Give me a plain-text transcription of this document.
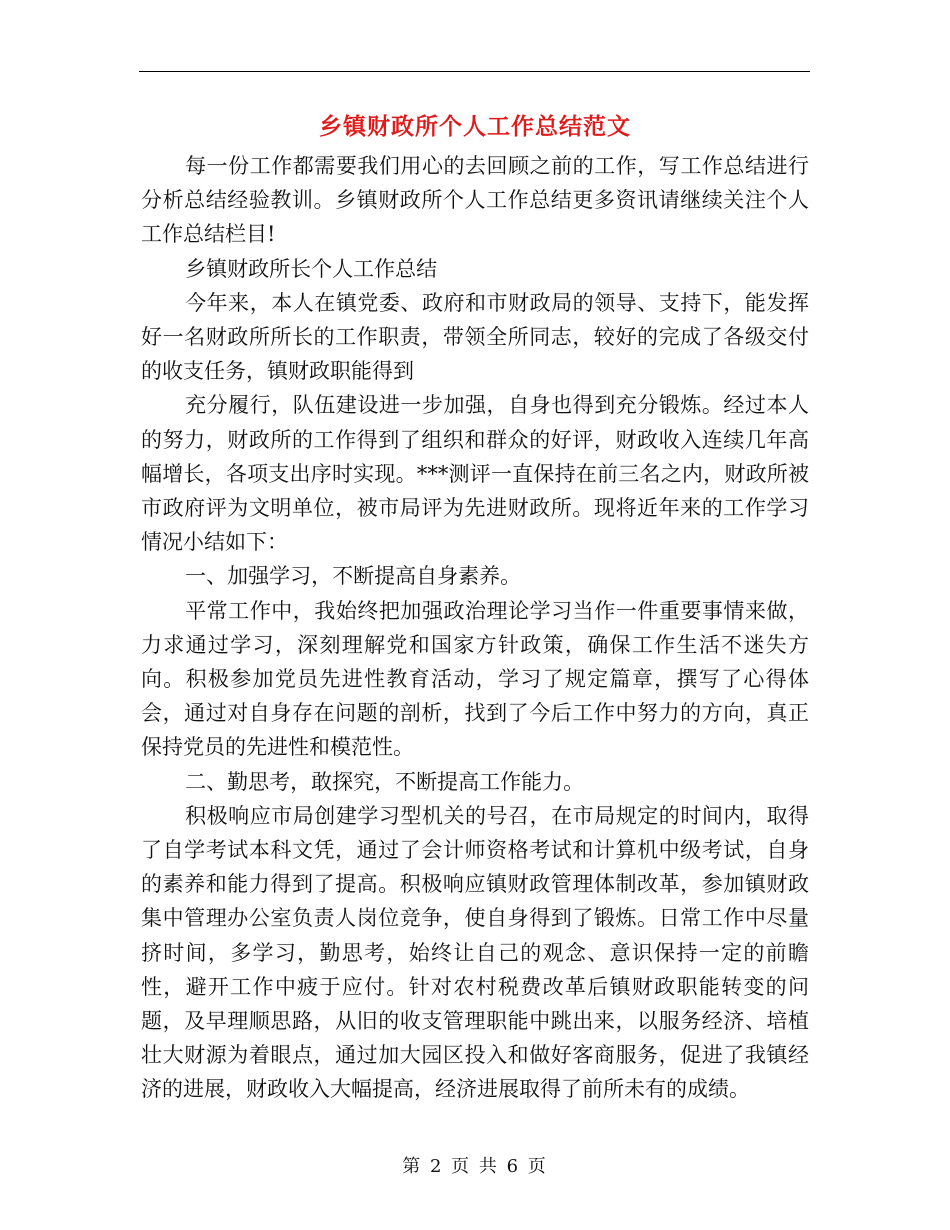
乡镇财政所个人工作总结范文

每一份工作都需要我们用心的去回顾之前的工作，写工作总结进行分析总结经验教训。乡镇财政所个人工作总结更多资讯请继续关注个人工作总结栏目!

乡镇财政所长个人工作总结

今年来，本人在镇党委、政府和市财政局的领导、支持下，能发挥好一名财政所所长的工作职责，带领全所同志，较好的完成了各级交付的收支任务，镇财政职能得到

充分履行，队伍建设进一步加强，自身也得到充分锻炼。经过本人的努力，财政所的工作得到了组织和群众的好评，财政收入连续几年高幅增长，各项支出序时实现。***测评一直保持在前三名之内，财政所被市政府评为文明单位，被市局评为先进财政所。现将近年来的工作学习情况小结如下：

一、加强学习，不断提高自身素养。

平常工作中，我始终把加强政治理论学习当作一件重要事情来做，力求通过学习，深刻理解党和国家方针政策，确保工作生活不迷失方向。积极参加党员先进性教育活动，学习了规定篇章，撰写了心得体会，通过对自身存在问题的剖析，找到了今后工作中努力的方向，真正保持党员的先进性和模范性。

二、勤思考，敢探究，不断提高工作能力。

积极响应市局创建学习型机关的号召，在市局规定的时间内，取得了自学考试本科文凭，通过了会计师资格考试和计算机中级考试，自身的素养和能力得到了提高。积极响应镇财政管理体制改革，参加镇财政集中管理办公室负责人岗位竞争，使自身得到了锻炼。日常工作中尽量挤时间，多学习，勤思考，始终让自己的观念、意识保持一定的前瞻性，避开工作中疲于应付。针对农村税费改革后镇财政职能转变的问题，及早理顺思路，从旧的收支管理职能中跳出来，以服务经济、培植壮大财源为着眼点，通过加大园区投入和做好客商服务，促进了我镇经济的进展，财政收入大幅提高，经济进展取得了前所未有的成绩。

第 2 页 共 6 页
